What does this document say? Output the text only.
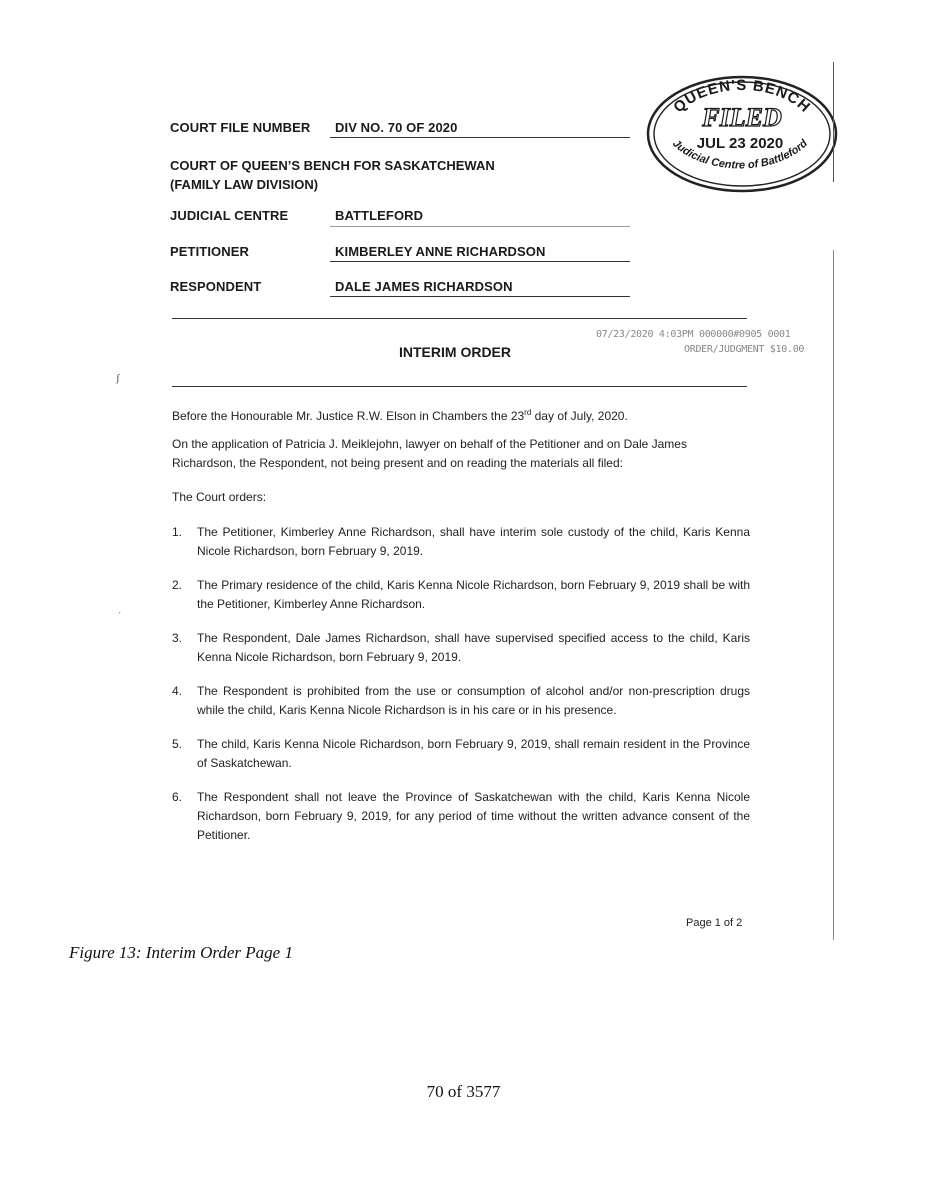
COURT FILE NUMBER DIV NO. 70 OF 2020
COURT OF QUEEN’S BENCH FOR SASKATCHEWAN
(FAMILY LAW DIVISION)
JUDICIAL CENTRE	BATTLEFORD
PETITIONER	KIMBERLEY ANNE RICHARDSON
RESPONDENT	DALE JAMES RICHARDSON
INTERIM ORDER
07/23/2020 4:03PM 000000#0905 0001
ORDER/JUDGMENT $10.00
QUEEN'S BENCH
FILED
JUL 23 2020
Judicial Centre of Battleford
Before the Honourable Mr. Justice R.W. Elson in Chambers the 23rd day of July, 2020.
On the application of Patricia J. Meiklejohn, lawyer on behalf of the Petitioner and on Dale James Richardson, the Respondent, not being present and on reading the materials all filed:
The Court orders:
1. The Petitioner, Kimberley Anne Richardson, shall have interim sole custody of the child, Karis Kenna Nicole Richardson, born February 9, 2019.
2. The Primary residence of the child, Karis Kenna Nicole Richardson, born February 9, 2019 shall be with the Petitioner, Kimberley Anne Richardson.
3. The Respondent, Dale James Richardson, shall have supervised specified access to the child, Karis Kenna Nicole Richardson, born February 9, 2019.
4. The Respondent is prohibited from the use or consumption of alcohol and/or non-prescription drugs while the child, Karis Kenna Nicole Richardson is in his care or in his presence.
5. The child, Karis Kenna Nicole Richardson, born February 9, 2019, shall remain resident in the Province of Saskatchewan.
6. The Respondent shall not leave the Province of Saskatchewan with the child, Karis Kenna Nicole Richardson, born February 9, 2019, for any period of time without the written advance consent of the Petitioner.
Page 1 of 2
ʃ
ˈ
Figure 13: Interim Order Page 1
70 of 3577
